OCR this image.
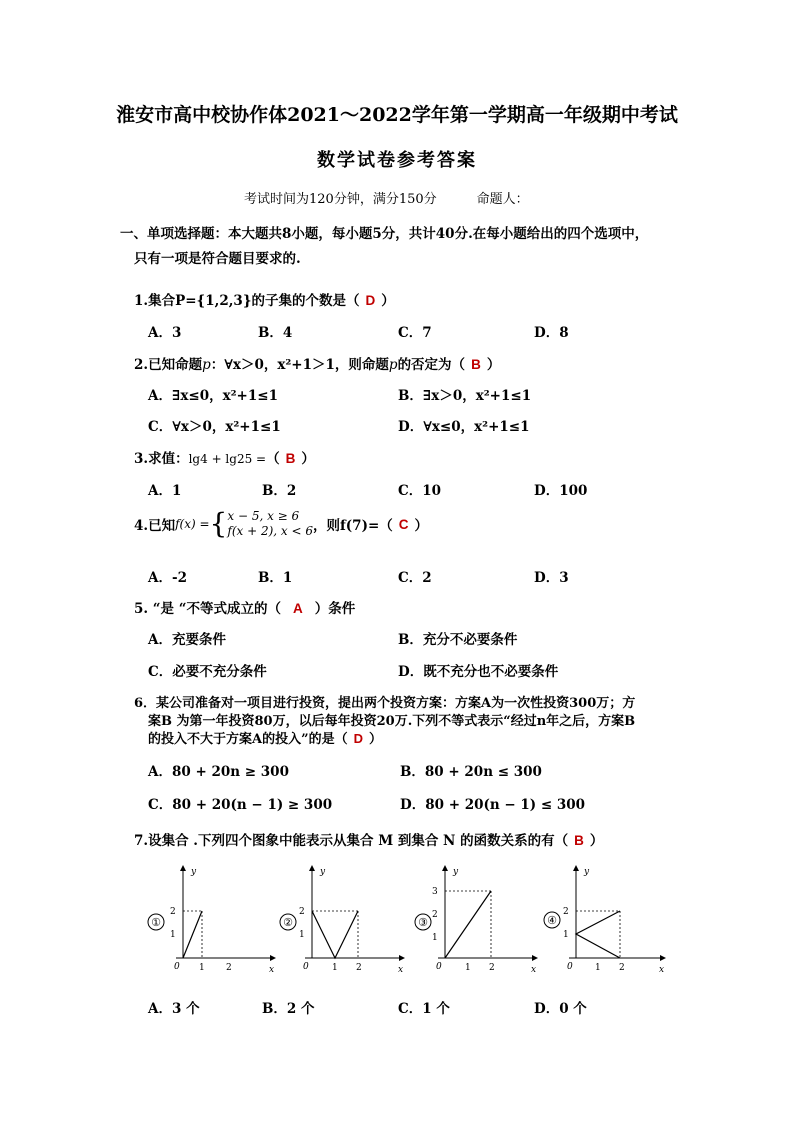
淮安市高中校协作体2021～2022学年第一学期高一年级期中考试
数学试卷参考答案
考试时间为120分钟，满分150分	命题人：
一、单项选择题：本大题共8小题，每小题5分，共计40分.在每小题给出的四个选项中，
只有一项是符合题目要求的.
1.集合P={1,2,3}的子集的个数是（ D ）
A．3	B．4	C．7	D．8
2.已知命题p：∀x＞0，x²+1＞1，则命题p的否定为（ B ）
A．∃x≤0，x²+1≤1	B．∃x＞0，x²+1≤1
C．∀x＞0，x²+1≤1	D．∀x≤0，x²+1≤1
3.求值：lg4 + lg25 =（ B ）
A．1	B．2	C．10	D．100
4.已知f(x) ={x − 5, x ≥ 6
f(x + 2), x < 6，则f(7)=（ C ）
A．-2	B．1	C．2	D．3
5. “是 “不等式成立的（ A ）条件
A．充要条件	B．充分不必要条件
C．必要不充分条件	D．既不充分也不必要条件
6．某公司准备对一项目进行投资，提出两个投资方案：方案A为一次性投资300万；方
案B 为第一年投资80万，以后每年投资20万.下列不等式表示“经过n年之后，方案B
的投入不大于方案A的投入”的是（ D ）
A．80 + 20n ≥ 300	B．80 + 20n ≤ 300
C．80 + 20(n − 1) ≥ 300	D．80 + 20(n − 1) ≤ 300
7.设集合 .下列四个图象中能表示从集合 M 到集合 N 的函数关系的有（ B ）
①
y
x
0
2
1
1 2
②
y
x
0
2
1
1 2
③
y
x
0
3
2
1
1 2
④
y
x
0
2
1
1 2
A．3 个	B．2 个	C．1 个	D．0 个
